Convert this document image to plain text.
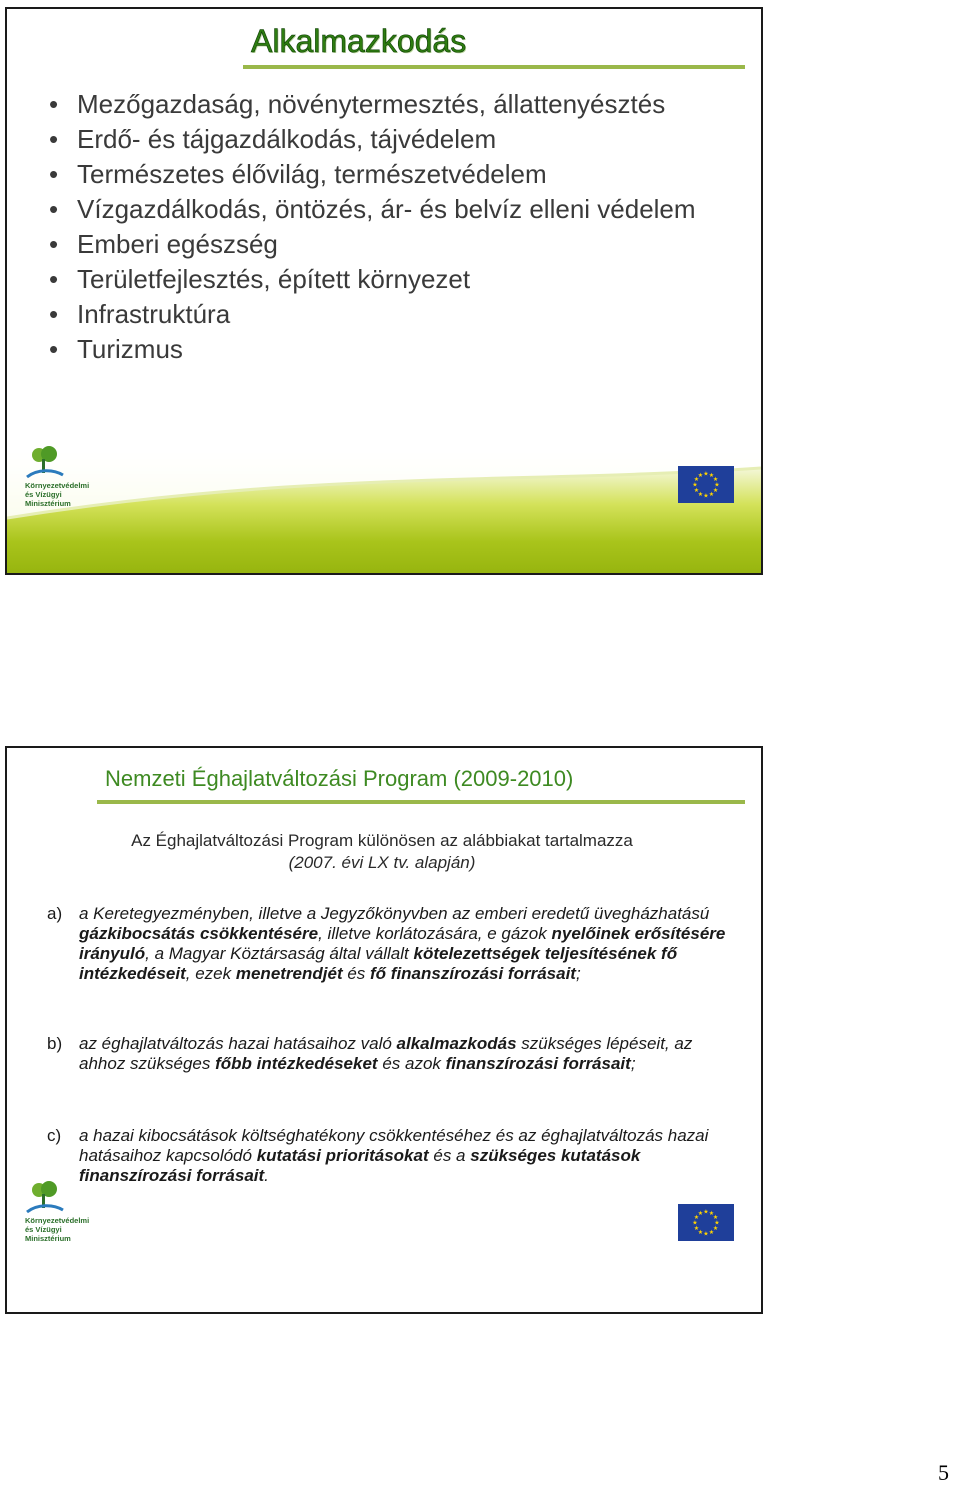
Alkalmazkodás
• Mezőgazdaság, növénytermesztés, állattenyésztés
• Erdő- és tájgazdálkodás, tájvédelem
• Természetes élővilág, természetvédelem
• Vízgazdálkodás, öntözés, ár- és belvíz elleni védelem
• Emberi egészség
• Területfejlesztés, épített környezet
• Infrastruktúra
• Turizmus
Környezetvédelmi
és Vízügyi
Minisztérium
★ ★
★
★
★
★
★
★
★
★
★
★
Nemzeti Éghajlatváltozási Program (2009-2010)
Az Éghajlatváltozási Program különösen az alábbiakat tartalmazza
(2007. évi LX tv. alapján)
a) a Keretegyezményben, illetve a Jegyzőkönyvben az emberi eredetű üvegházhatású gázkibocsátás csökkentésére, illetve korlátozására, e gázok nyelőinek erősítésére irányuló, a Magyar Köztársaság által vállalt kötelezettségek teljesítésének fő intézkedéseit, ezek menetrendjét és fő finanszírozási forrásait;
b) az éghajlatváltozás hazai hatásaihoz való alkalmazkodás szükséges lépéseit, az ahhoz szükséges főbb intézkedéseket és azok finanszírozási forrásait;
c)	a hazai kibocsátások költséghatékony csökkentéséhez és az éghajlatváltozás hazai hatásaihoz kapcsolódó kutatási prioritásokat és a szükséges kutatások finanszírozási forrásait.
Környezetvédelmi
és Vízügyi
Minisztérium
★ ★
★
★
★
★
★
★
★
★
★
★
5
